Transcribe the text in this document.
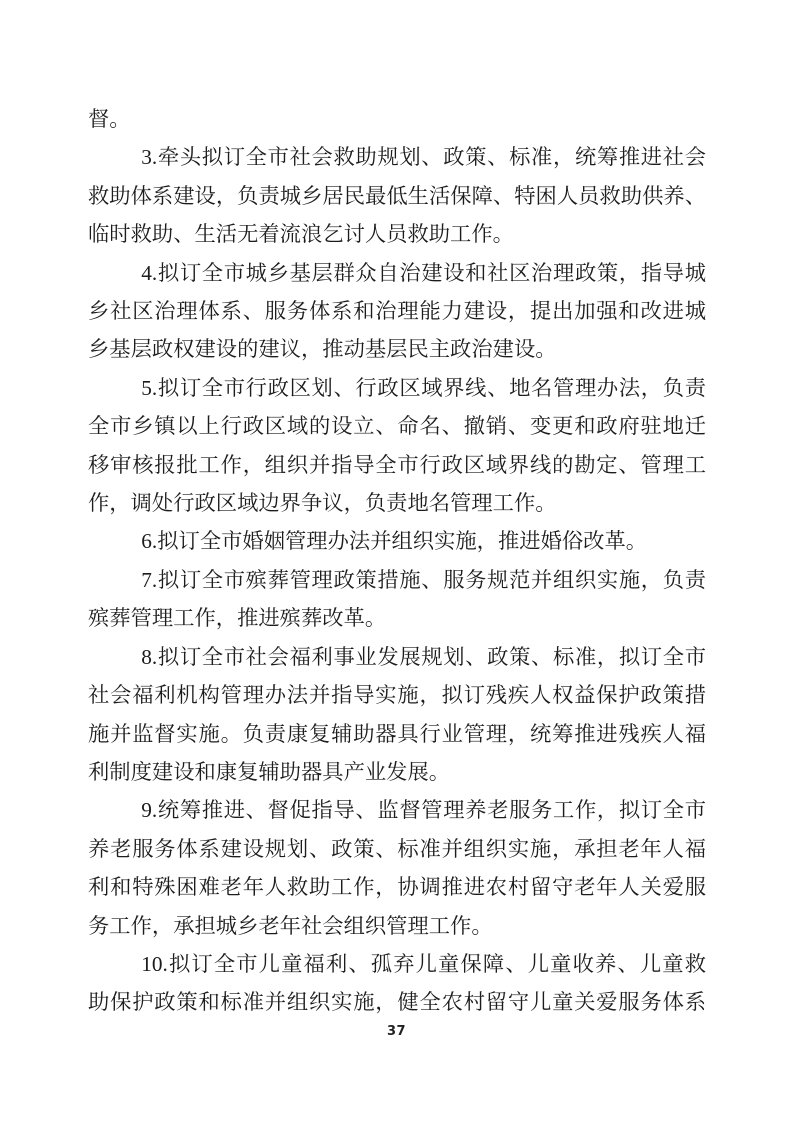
督。
3.牵头拟订全市社会救助规划、政策、标准，统筹推进社会
救助体系建设，负责城乡居民最低生活保障、特困人员救助供养、
临时救助、生活无着流浪乞讨人员救助工作。
4.拟订全市城乡基层群众自治建设和社区治理政策，指导城
乡社区治理体系、服务体系和治理能力建设，提出加强和改进城
乡基层政权建设的建议，推动基层民主政治建设。
5.拟订全市行政区划、行政区域界线、地名管理办法，负责
全市乡镇以上行政区域的设立、命名、撤销、变更和政府驻地迁
移审核报批工作，组织并指导全市行政区域界线的勘定、管理工
作，调处行政区域边界争议，负责地名管理工作。
6.拟订全市婚姻管理办法并组织实施，推进婚俗改革。
7.拟订全市殡葬管理政策措施、服务规范并组织实施，负责
殡葬管理工作，推进殡葬改革。
8.拟订全市社会福利事业发展规划、政策、标准，拟订全市
社会福利机构管理办法并指导实施，拟订残疾人权益保护政策措
施并监督实施。负责康复辅助器具行业管理，统筹推进残疾人福
利制度建设和康复辅助器具产业发展。
9.统筹推进、督促指导、监督管理养老服务工作，拟订全市
养老服务体系建设规划、政策、标准并组织实施，承担老年人福
利和特殊困难老年人救助工作，协调推进农村留守老年人关爱服
务工作，承担城乡老年社会组织管理工作。
10.拟订全市儿童福利、孤弃儿童保障、儿童收养、儿童救
助保护政策和标准并组织实施，健全农村留守儿童关爱服务体系
37
